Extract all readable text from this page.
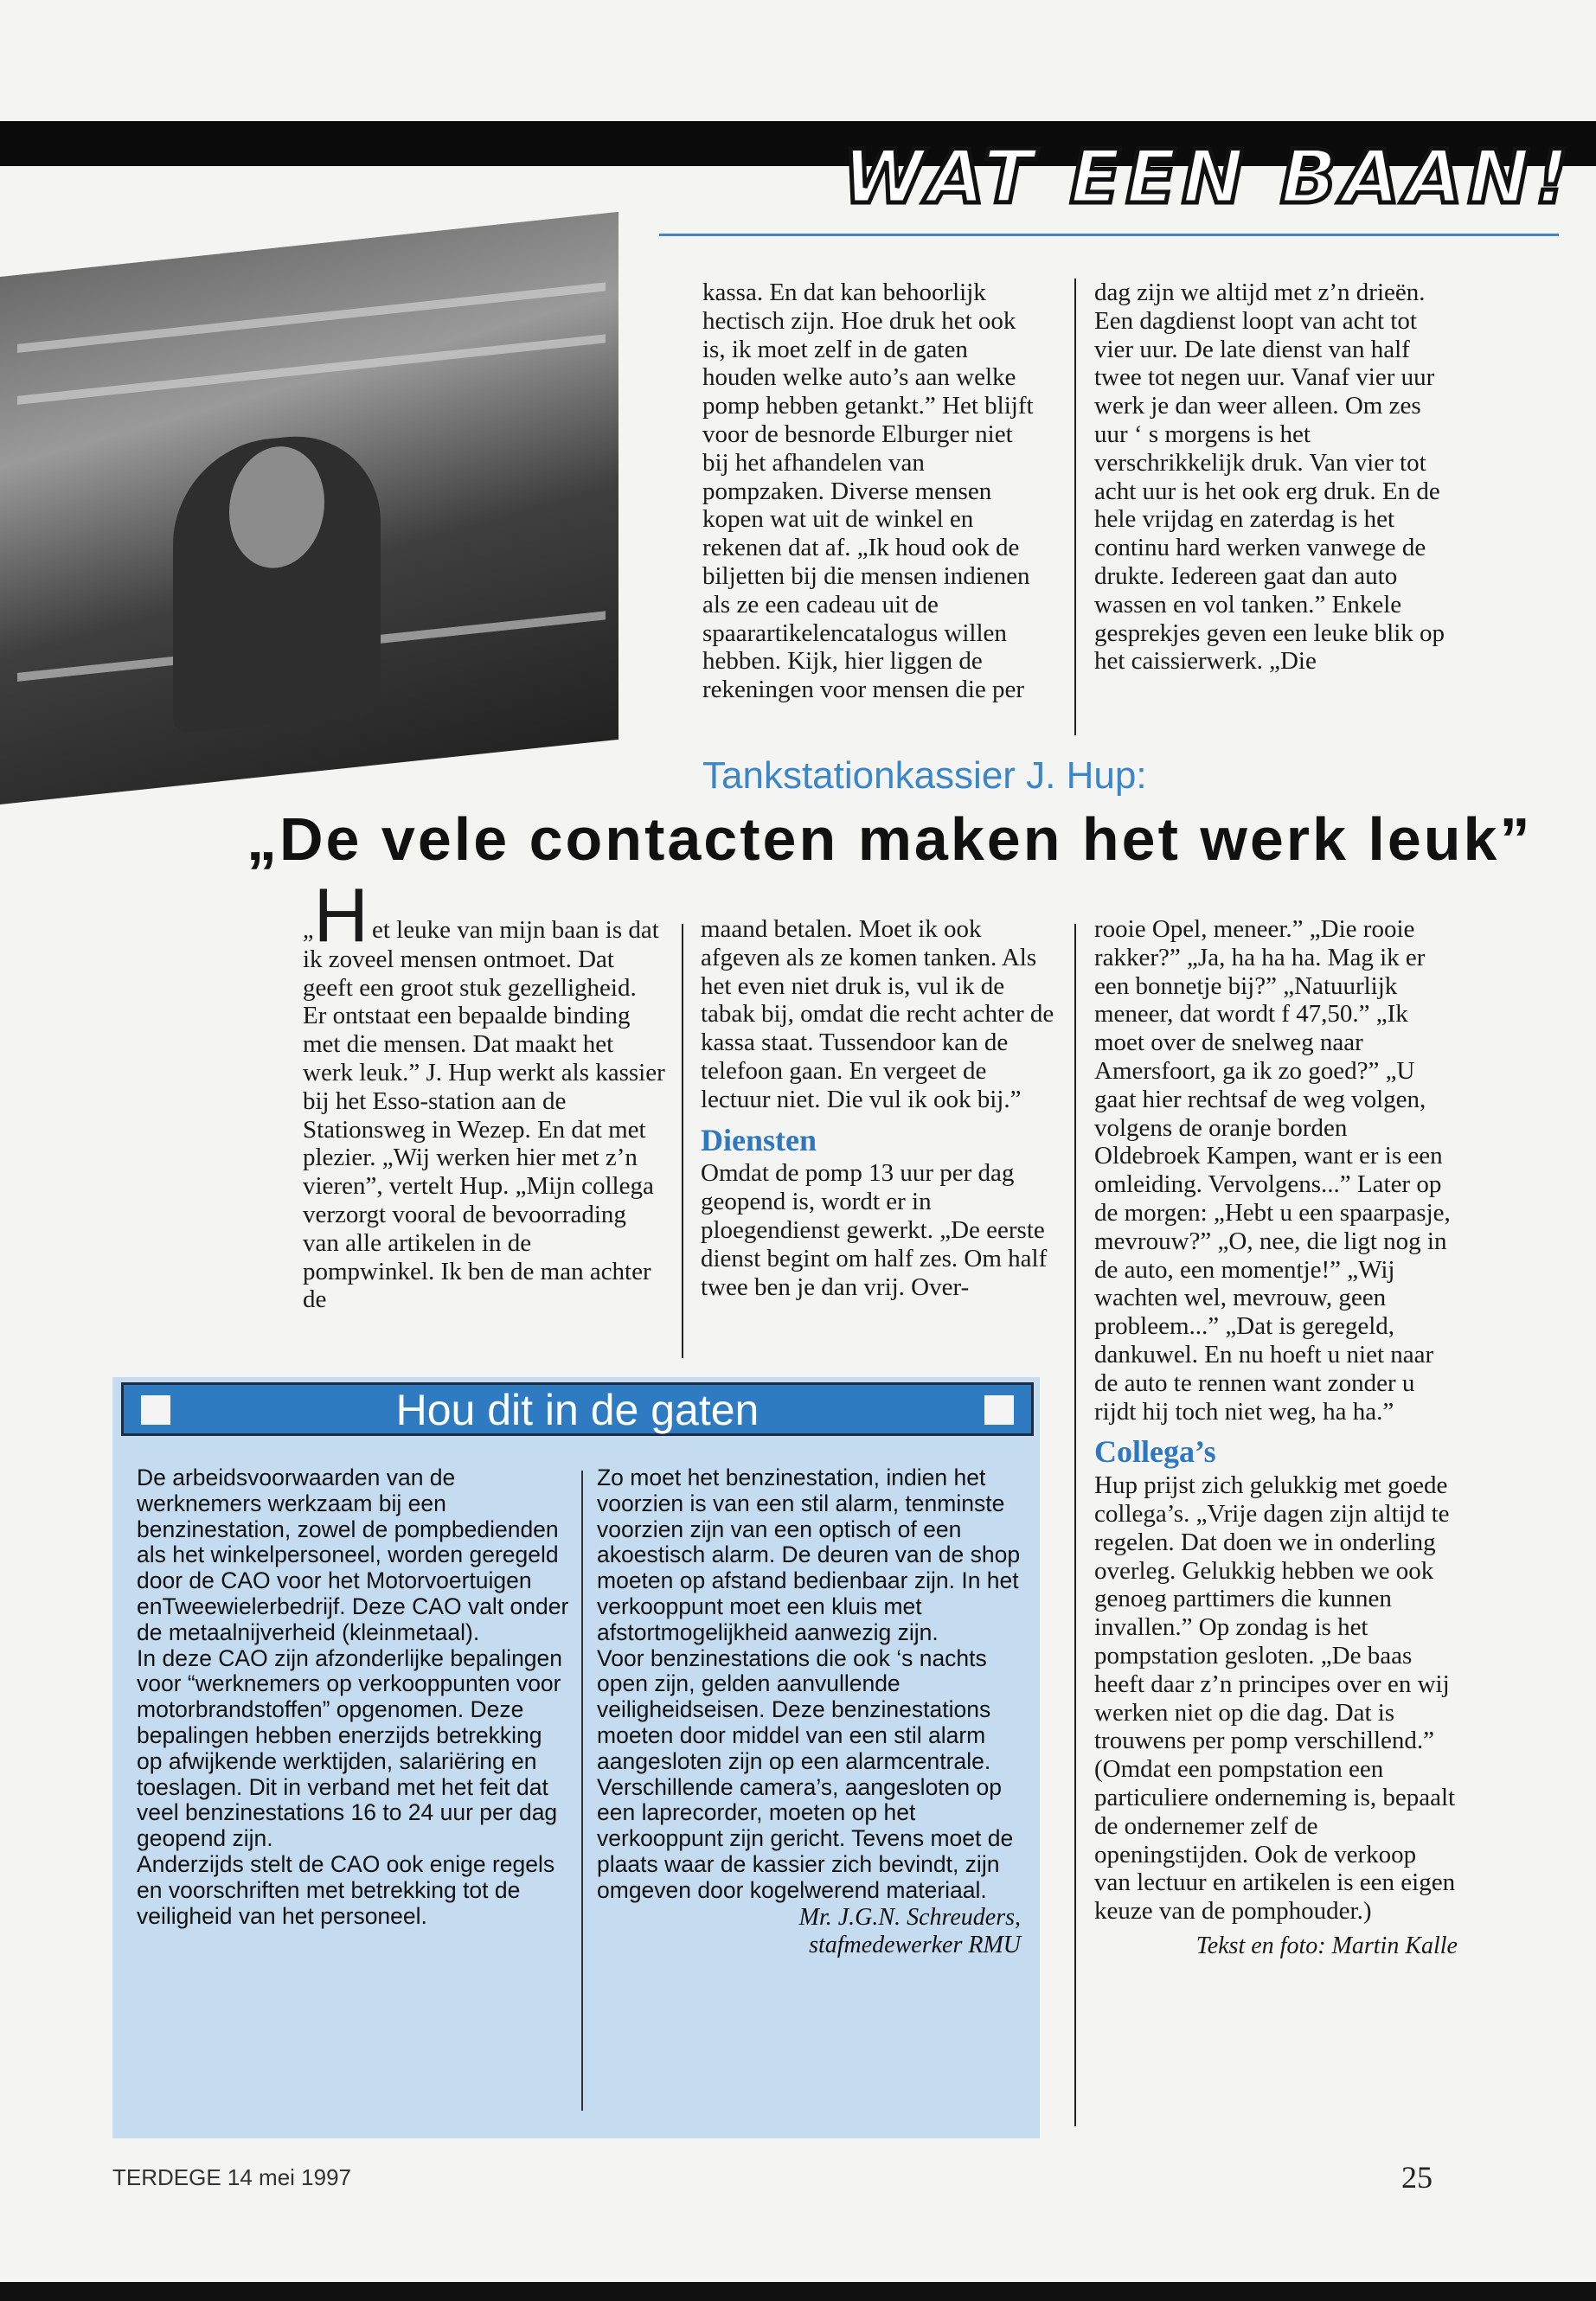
WAT EEN BAAN!

kassa. En dat kan behoorlijk hectisch zijn. Hoe druk het ook is, ik moet zelf in de gaten houden welke auto’s aan welke pomp hebben getankt.” Het blijft voor de besnorde Elburger niet bij het afhandelen van pompzaken. Diverse mensen kopen wat uit de winkel en rekenen dat af. „Ik houd ook de biljetten bij die mensen indienen als ze een cadeau uit de spaarartikelencatalogus willen hebben. Kijk, hier liggen de rekeningen voor mensen die per

dag zijn we altijd met z’n drieën. Een dagdienst loopt van acht tot vier uur. De late dienst van half twee tot negen uur. Vanaf vier uur werk je dan weer alleen. Om zes uur ‘ s morgens is het verschrikkelijk druk. Van vier tot acht uur is het ook erg druk. En de hele vrijdag en zaterdag is het continu hard werken vanwege de drukte. Iedereen gaat dan auto wassen en vol tanken.” Enkele gesprekjes geven een leuke blik op het caissierwerk. „Die

Tankstationkassier J. Hup:
„De vele contacten maken het werk leuk”

„H et leuke van mijn baan is dat ik zoveel mensen ontmoet. Dat geeft een groot stuk gezelligheid. Er ontstaat een bepaalde binding met die mensen. Dat maakt het werk leuk.” J. Hup werkt als kassier bij het Esso-station aan de Stationsweg in Wezep. En dat met plezier. „Wij werken hier met z’n vieren”, vertelt Hup. „Mijn collega verzorgt vooral de bevoorrading van alle artikelen in de pompwinkel. Ik ben de man achter de

maand betalen. Moet ik ook afgeven als ze komen tanken. Als het even niet druk is, vul ik de tabak bij, omdat die recht achter de kassa staat. Tussendoor kan de telefoon gaan. En vergeet de lectuur niet. Die vul ik ook bij.”

Diensten

Omdat de pomp 13 uur per dag geopend is, wordt er in ploegendienst gewerkt. „De eerste dienst begint om half zes. Om half twee ben je dan vrij. Over-

rooie Opel, meneer.” „Die rooie rakker?” „Ja, ha ha ha. Mag ik er een bonnetje bij?” „Natuurlijk meneer, dat wordt f 47,50.” „Ik moet over de snelweg naar Amersfoort, ga ik zo goed?” „U gaat hier rechtsaf de weg volgen, volgens de oranje borden Oldebroek Kampen, want er is een omleiding. Vervolgens...” Later op de morgen: „Hebt u een spaarpasje, mevrouw?” „O, nee, die ligt nog in de auto, een momentje!” „Wij wachten wel, mevrouw, geen probleem...” „Dat is geregeld, dankuwel. En nu hoeft u niet naar de auto te rennen want zonder u rijdt hij toch niet weg, ha ha.”

Collega’s

Hup prijst zich gelukkig met goede collega’s. „Vrije dagen zijn altijd te regelen. Dat doen we in onderling overleg. Gelukkig hebben we ook genoeg parttimers die kunnen invallen.” Op zondag is het pompstation gesloten. „De baas heeft daar z’n principes over en wij werken niet op die dag. Dat is trouwens per pomp verschillend.” (Omdat een pompstation een particuliere onderneming is, bepaalt de ondernemer zelf de openingstijden. Ook de verkoop van lectuur en artikelen is een eigen keuze van de pomphouder.)

Tekst en foto: Martin Kalle

Hou dit in de gaten

De arbeidsvoorwaarden van de werknemers werkzaam bij een benzinestation, zowel de pompbedienden als het winkelpersoneel, worden geregeld door de CAO voor het Motorvoertuigen enTweewielerbedrijf. Deze CAO valt onder de metaalnijverheid (kleinmetaal).

In deze CAO zijn afzonderlijke bepalingen voor “werknemers op verkooppunten voor motorbrandstoffen” opgenomen. Deze bepalingen hebben enerzijds betrekking op afwijkende werktijden, salariëring en toeslagen. Dit in verband met het feit dat veel benzinestations 16 to 24 uur per dag geopend zijn.

Anderzijds stelt de CAO ook enige regels en voorschriften met betrekking tot de veiligheid van het personeel.

Zo moet het benzinestation, indien het voorzien is van een stil alarm, tenminste voorzien zijn van een optisch of een akoestisch alarm. De deuren van de shop moeten op afstand bedienbaar zijn. In het verkooppunt moet een kluis met afstortmogelijkheid aanwezig zijn.

Voor benzinestations die ook ‘s nachts open zijn, gelden aanvullende veiligheidseisen. Deze benzinestations moeten door middel van een stil alarm aangesloten zijn op een alarmcentrale. Verschillende camera’s, aangesloten op een laprecorder, moeten op het verkooppunt zijn gericht. Tevens moet de plaats waar de kassier zich bevindt, zijn omgeven door kogelwerend materiaal.

Mr. J.G.N. Schreuders,

stafmedewerker RMU

TERDEGE 14 mei 1997	25
